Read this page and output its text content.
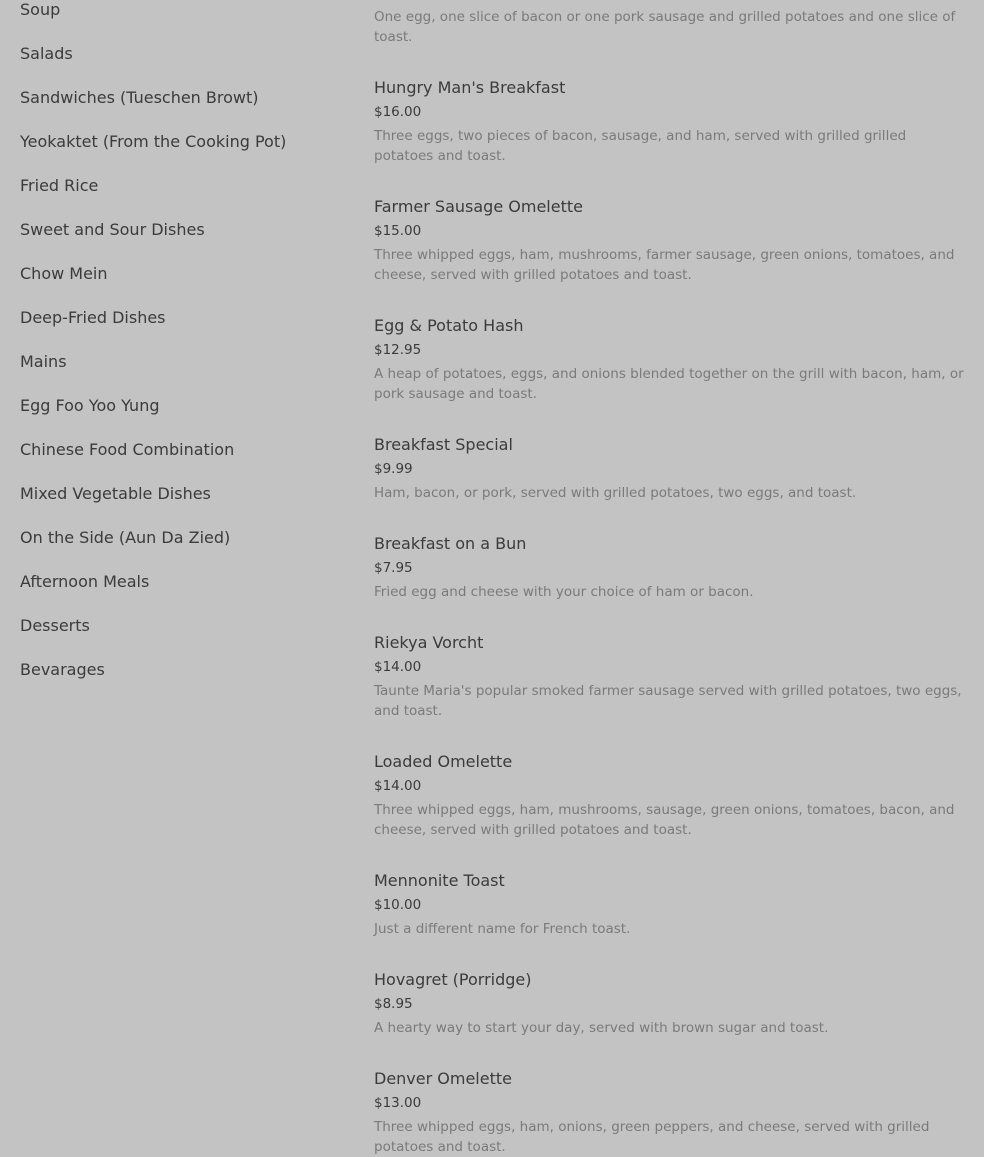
Soup
Salads
Sandwiches (Tueschen Browt)
Yeokaktet (From the Cooking Pot)
Fried Rice
Sweet and Sour Dishes
Chow Mein
Deep-Fried Dishes
Mains
Egg Foo Yoo Yung
Chinese Food Combination
Mixed Vegetable Dishes
On the Side (Aun Da Zied)
Afternoon Meals
Desserts
Bevarages

One egg, one slice of bacon or one pork sausage and grilled potatoes and one slice of toast.

Hungry Man's Breakfast
$16.00
Three eggs, two pieces of bacon, sausage, and ham, served with grilled grilled potatoes and toast.
Farmer Sausage Omelette
$15.00
Three whipped eggs, ham, mushrooms, farmer sausage, green onions, tomatoes, and cheese, served with grilled potatoes and toast.
Egg & Potato Hash
$12.95
A heap of potatoes, eggs, and onions blended together on the grill with bacon, ham, or pork sausage and toast.
Breakfast Special
$9.99
Ham, bacon, or pork, served with grilled potatoes, two eggs, and toast.
Breakfast on a Bun
$7.95
Fried egg and cheese with your choice of ham or bacon.
Riekya Vorcht
$14.00
Taunte Maria's popular smoked farmer sausage served with grilled potatoes, two eggs, and toast.
Loaded Omelette
$14.00
Three whipped eggs, ham, mushrooms, sausage, green onions, tomatoes, bacon, and cheese, served with grilled potatoes and toast.
Mennonite Toast
$10.00
Just a different name for French toast.
Hovagret (Porridge)
$8.95
A hearty way to start your day, served with brown sugar and toast.
Denver Omelette
$13.00
Three whipped eggs, ham, onions, green peppers, and cheese, served with grilled potatoes and toast.
